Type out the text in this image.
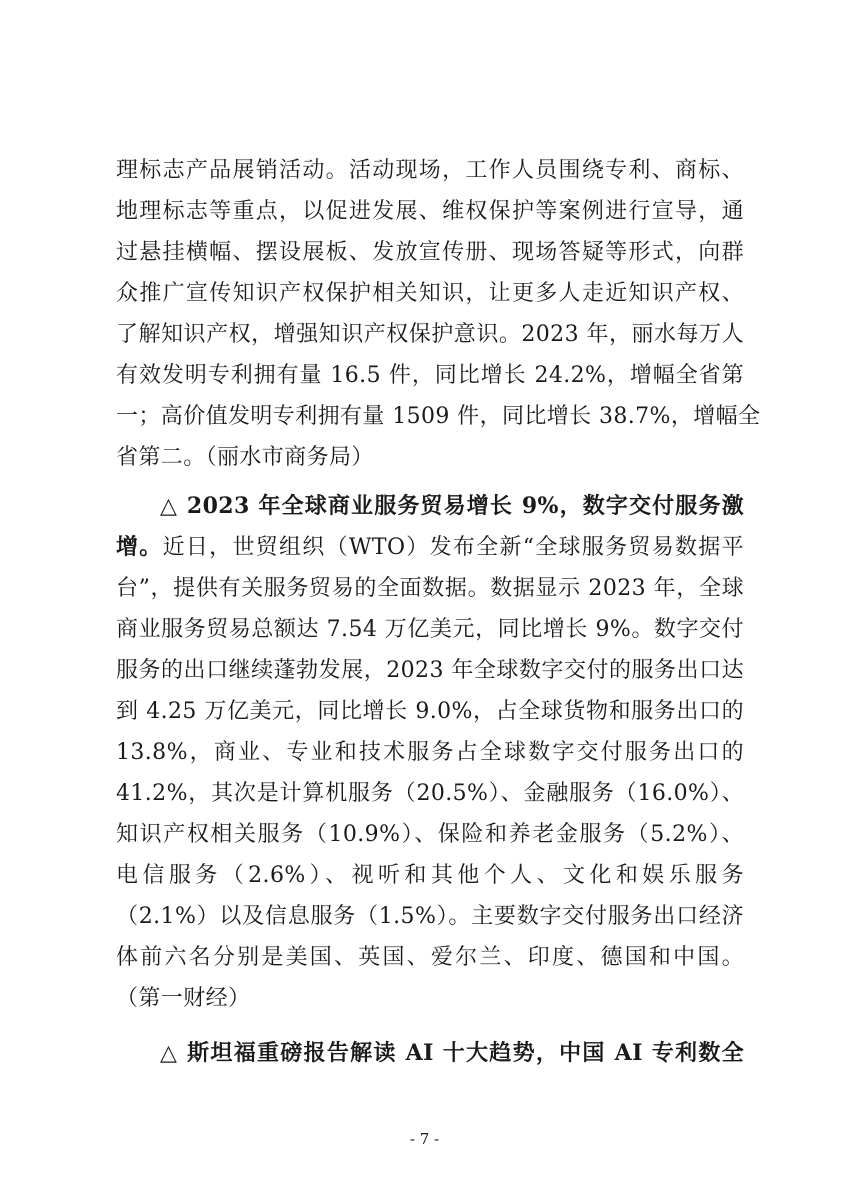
理标志产品展销活动。活动现场，工作人员围绕专利、商标、
地理标志等重点，以促进发展、维权保护等案例进行宣导，通
过悬挂横幅、摆设展板、发放宣传册、现场答疑等形式，向群
众推广宣传知识产权保护相关知识，让更多人走近知识产权、
了解知识产权，增强知识产权保护意识。2023 年，丽水每万人
有效发明专利拥有量 16.5 件，同比增长 24.2%，增幅全省第
一；高价值发明专利拥有量 1509 件，同比增长 38.7%，增幅全
省第二。（丽水市商务局）
△ 2023 年全球商业服务贸易增长 9%，数字交付服务激
增。近日，世贸组织（WTO）发布全新“全球服务贸易数据平
台”，提供有关服务贸易的全面数据。数据显示 2023 年，全球
商业服务贸易总额达 7.54 万亿美元，同比增长 9%。数字交付
服务的出口继续蓬勃发展，2023 年全球数字交付的服务出口达
到 4.25 万亿美元，同比增长 9.0%，占全球货物和服务出口的
13.8%，商业、专业和技术服务占全球数字交付服务出口的
41.2%，其次是计算机服务（20.5%）、金融服务（16.0%）、
知识产权相关服务（10.9%）、保险和养老金服务（5.2%）、
电信服务（2.6%）、视听和其他个人、文化和娱乐服务
（2.1%）以及信息服务（1.5%）。主要数字交付服务出口经济
体前六名分别是美国、英国、爱尔兰、印度、德国和中国。
（第一财经）
△ 斯坦福重磅报告解读 AI 十大趋势，中国 AI 专利数全
- 7 -
